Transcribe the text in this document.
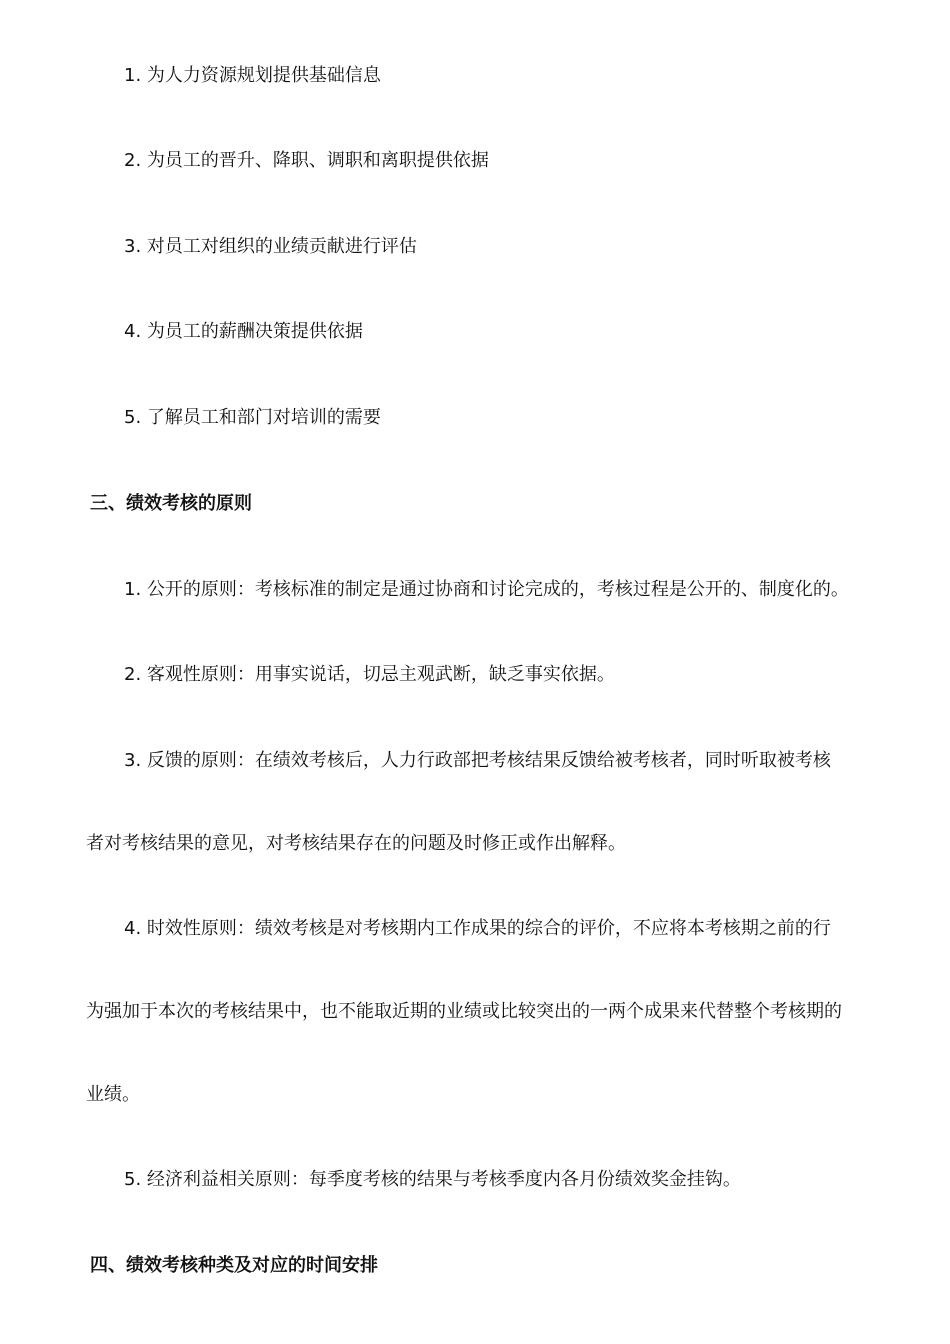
1. 为人力资源规划提供基础信息
2. 为员工的晋升、降职、调职和离职提供依据
3. 对员工对组织的业绩贡献进行评估
4. 为员工的薪酬决策提供依据
5. 了解员工和部门对培训的需要
三、绩效考核的原则
1. 公开的原则：考核标准的制定是通过协商和讨论完成的，考核过程是公开的、制度化的。
2. 客观性原则：用事实说话，切忌主观武断，缺乏事实依据。
3. 反馈的原则：在绩效考核后，人力行政部把考核结果反馈给被考核者，同时听取被考核
者对考核结果的意见，对考核结果存在的问题及时修正或作出解释。
4. 时效性原则：绩效考核是对考核期内工作成果的综合的评价，不应将本考核期之前的行
为强加于本次的考核结果中，也不能取近期的业绩或比较突出的一两个成果来代替整个考核期的
业绩。
5. 经济利益相关原则：每季度考核的结果与考核季度内各月份绩效奖金挂钩。
四、绩效考核种类及对应的时间安排
